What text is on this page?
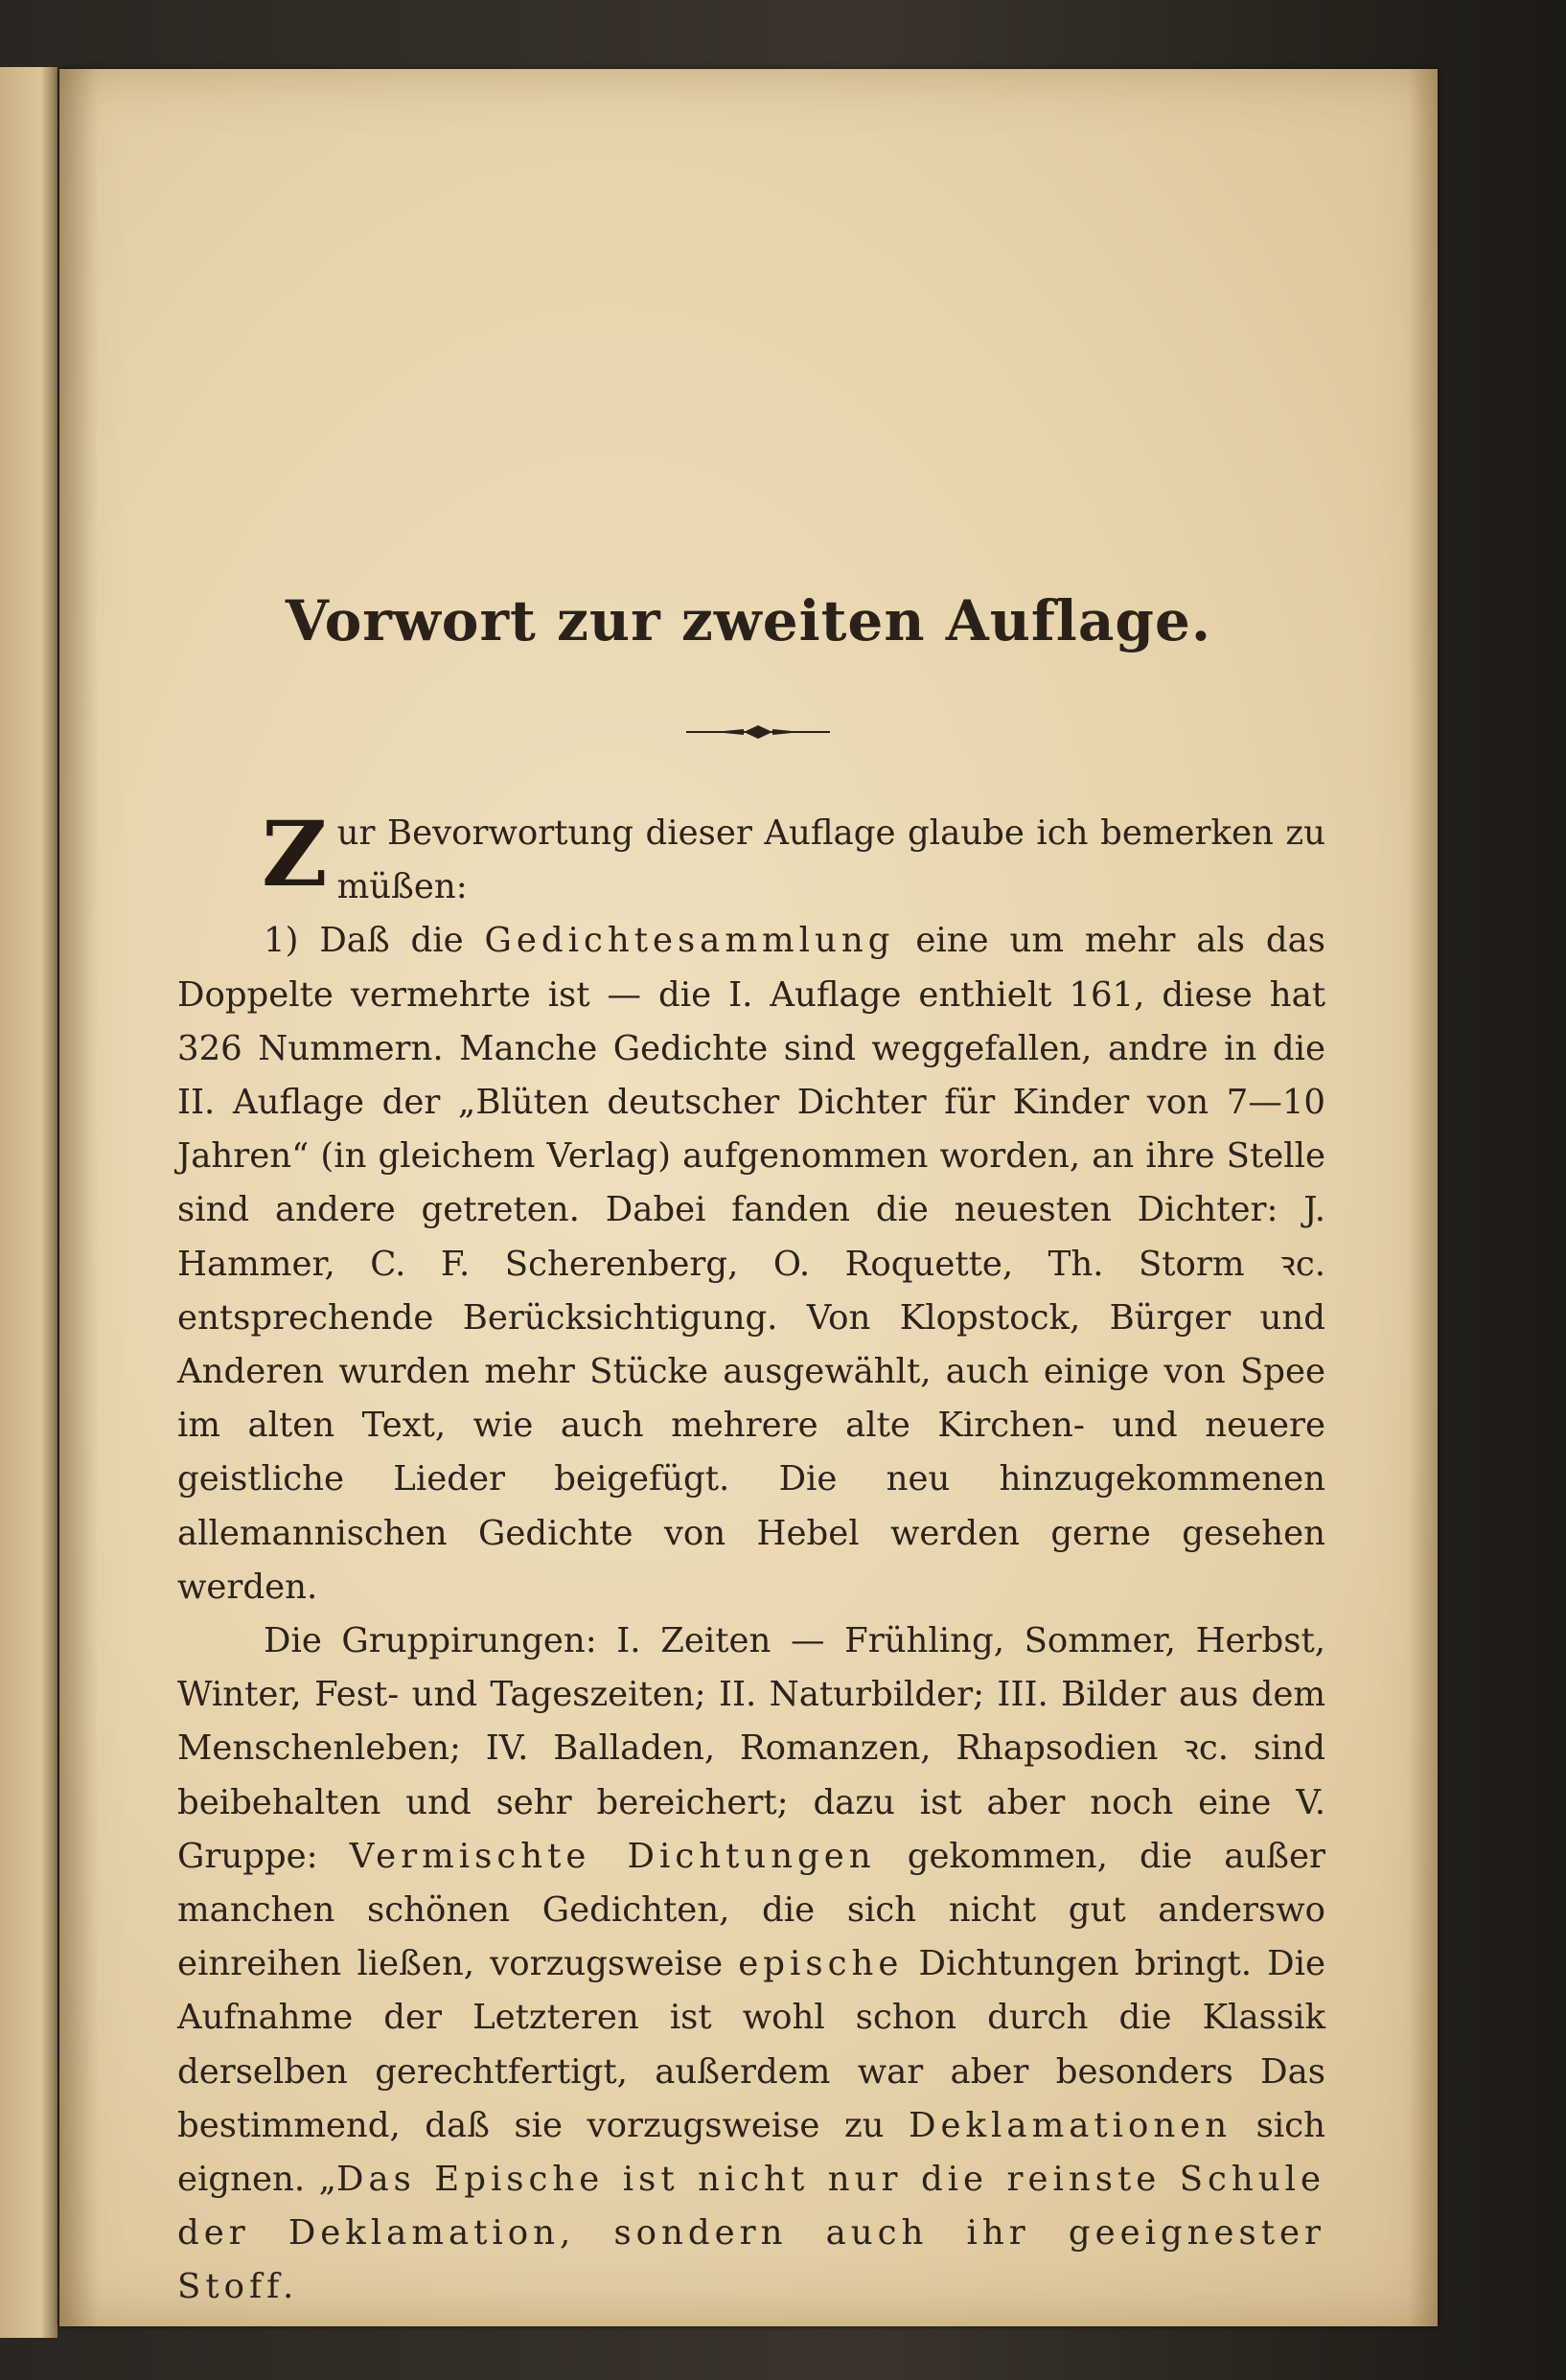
Vorwort zur zweiten Auflage.

Zur Bevorwortung dieser Auflage glaube ich bemerken zu müßen:

1) Daß die Gedichtesammlung eine um mehr als das Doppelte vermehrte ist — die I. Auflage enthielt 161, diese hat 326 Nummern. Manche Gedichte sind weggefallen, andre in die II. Auflage der „Blüten deutscher Dichter für Kinder von 7—10 Jahren“ (in gleichem Verlag) aufgenommen worden, an ihre Stelle sind andere getreten. Dabei fanden die neuesten Dichter: J. Hammer, C. F. Scherenberg, O. Roquette, Th. Storm ꝛc. entsprechende Berücksichtigung. Von Klopstock, Bürger und Anderen wurden mehr Stücke ausgewählt, auch einige von Spee im alten Text, wie auch mehrere alte Kirchen- und neuere geistliche Lieder beigefügt. Die neu hinzugekommenen allemannischen Gedichte von Hebel werden gerne gesehen werden.

Die Gruppirungen: I. Zeiten — Frühling, Sommer, Herbst, Winter, Fest- und Tageszeiten; II. Naturbilder; III. Bilder aus dem Menschenleben; IV. Balladen, Romanzen, Rhapsodien ꝛc. sind beibehalten und sehr bereichert; dazu ist aber noch eine V. Gruppe: Vermischte Dichtungen gekommen, die außer manchen schönen Gedichten, die sich nicht gut anderswo einreihen ließen, vorzugsweise epische Dichtungen bringt. Die Aufnahme der Letzteren ist wohl schon durch die Klassik derselben gerechtfertigt, außerdem war aber besonders Das bestimmend, daß sie vorzugsweise zu Deklamationen sich eignen. „Das Epische ist nicht nur die reinste Schule der Deklamation, sondern auch ihr geeignester Stoff.
